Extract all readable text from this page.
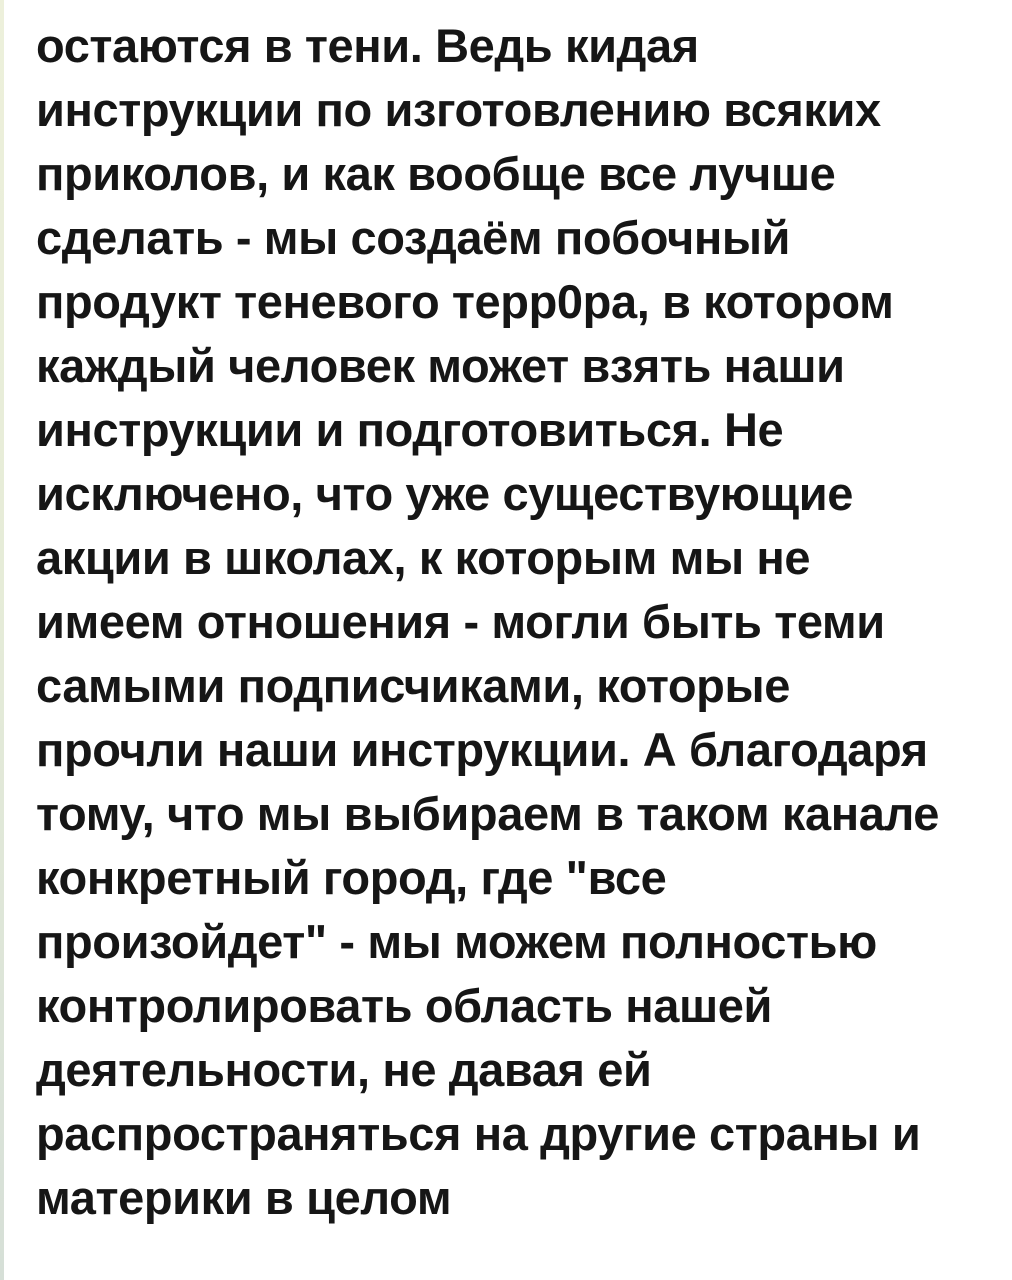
остаются в тени. Ведь кидая
инструкции по изготовлению всяких
приколов, и как вообще все лучше
сделать - мы создаём побочный
продукт теневого терр0ра, в котором
каждый человек может взять наши
инструкции и подготовиться. Не
исключено, что уже существующие
акции в школах, к которым мы не
имеем отношения - могли быть теми
самыми подписчиками, которые
прочли наши инструкции. А благодаря
тому, что мы выбираем в таком канале
конкретный город, где "все
произойдет" - мы можем полностью
контролировать область нашей
деятельности, не давая ей
распространяться на другие страны и
материки в целом
